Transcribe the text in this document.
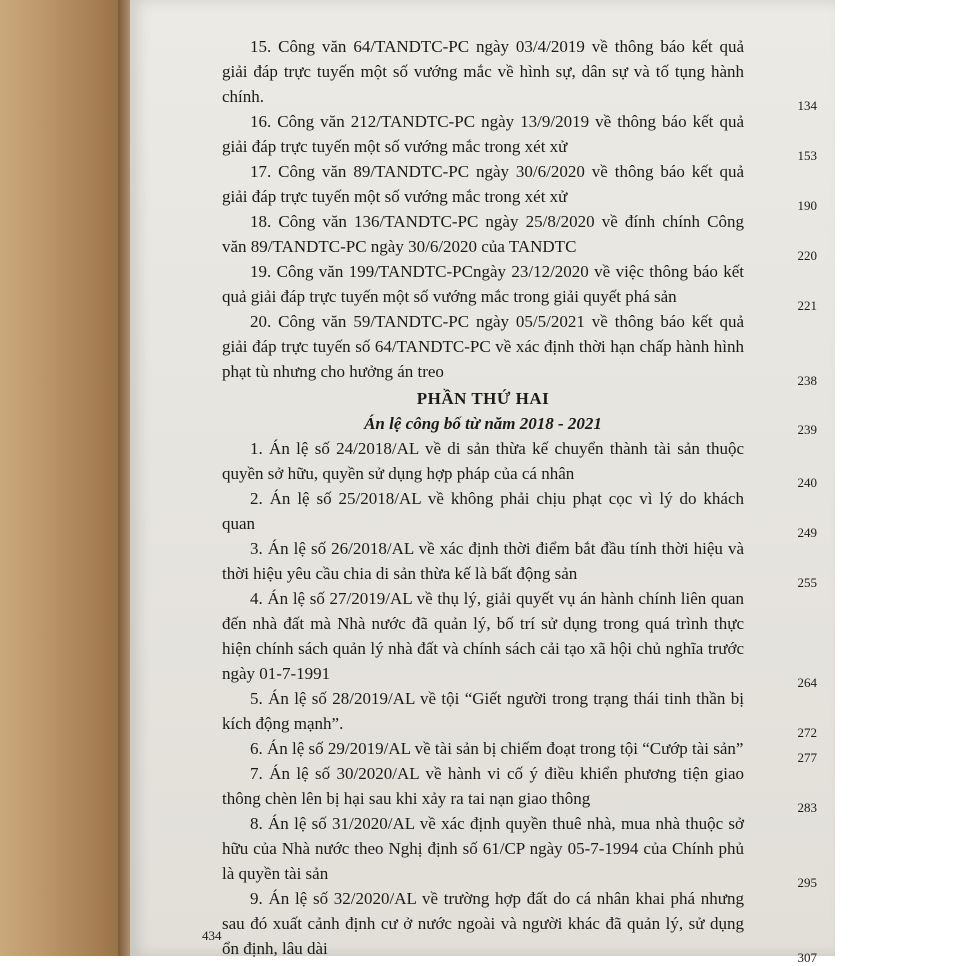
15. Công văn 64/TANDTC-PC ngày 03/4/2019 về thông báo kết quả giải đáp trực tuyến một số vướng mắc về hình sự, dân sự và tố tụng hành chính.	134

16. Công văn 212/TANDTC-PC ngày 13/9/2019 về thông báo kết quả giải đáp trực tuyến một số vướng mắc trong xét xử	153

17. Công văn 89/TANDTC-PC ngày 30/6/2020 về thông báo kết quả giải đáp trực tuyến một số vướng mắc trong xét xử	190

18. Công văn 136/TANDTC-PC ngày 25/8/2020 về đính chính Công văn 89/TANDTC-PC ngày 30/6/2020 của TANDTC	220

19. Công văn 199/TANDTC-PCngày 23/12/2020 về việc thông báo kết quả giải đáp trực tuyến một số vướng mắc trong giải quyết phá sản	221

20. Công văn 59/TANDTC-PC ngày 05/5/2021 về thông báo kết quả giải đáp trực tuyến số 64/TANDTC-PC về xác định thời hạn chấp hành hình phạt tù nhưng cho hưởng án treo	238

PHẦN THỨ HAI

Án lệ công bố từ năm 2018 - 2021	239

1. Án lệ số 24/2018/AL về di sản thừa kế chuyển thành tài sản thuộc quyền sở hữu, quyền sử dụng hợp pháp của cá nhân	240

2. Án lệ số 25/2018/AL về không phải chịu phạt cọc vì lý do khách quan	249

3. Án lệ số 26/2018/AL về xác định thời điểm bắt đầu tính thời hiệu và thời hiệu yêu cầu chia di sản thừa kế là bất động sản	255

4. Án lệ số 27/2019/AL về thụ lý, giải quyết vụ án hành chính liên quan đến nhà đất mà Nhà nước đã quản lý, bố trí sử dụng trong quá trình thực hiện chính sách quản lý nhà đất và chính sách cải tạo xã hội chủ nghĩa trước ngày 01-7-1991	264

5. Án lệ số 28/2019/AL về tội “Giết người trong trạng thái tinh thần bị kích động mạnh”.	272

6. Án lệ số 29/2019/AL về tài sản bị chiếm đoạt trong tội “Cướp tài sản”	277

7. Án lệ số 30/2020/AL về hành vi cố ý điều khiển phương tiện giao thông chèn lên bị hại sau khi xảy ra tai nạn giao thông	283

8. Án lệ số 31/2020/AL về xác định quyền thuê nhà, mua nhà thuộc sở hữu của Nhà nước theo Nghị định số 61/CP ngày 05-7-1994 của Chính phủ là quyền tài sản	295

9. Án lệ số 32/2020/AL về trường hợp đất do cá nhân khai phá nhưng sau đó xuất cảnh định cư ở nước ngoài và người khác đã quản lý, sử dụng ổn định, lâu dài	307
434
